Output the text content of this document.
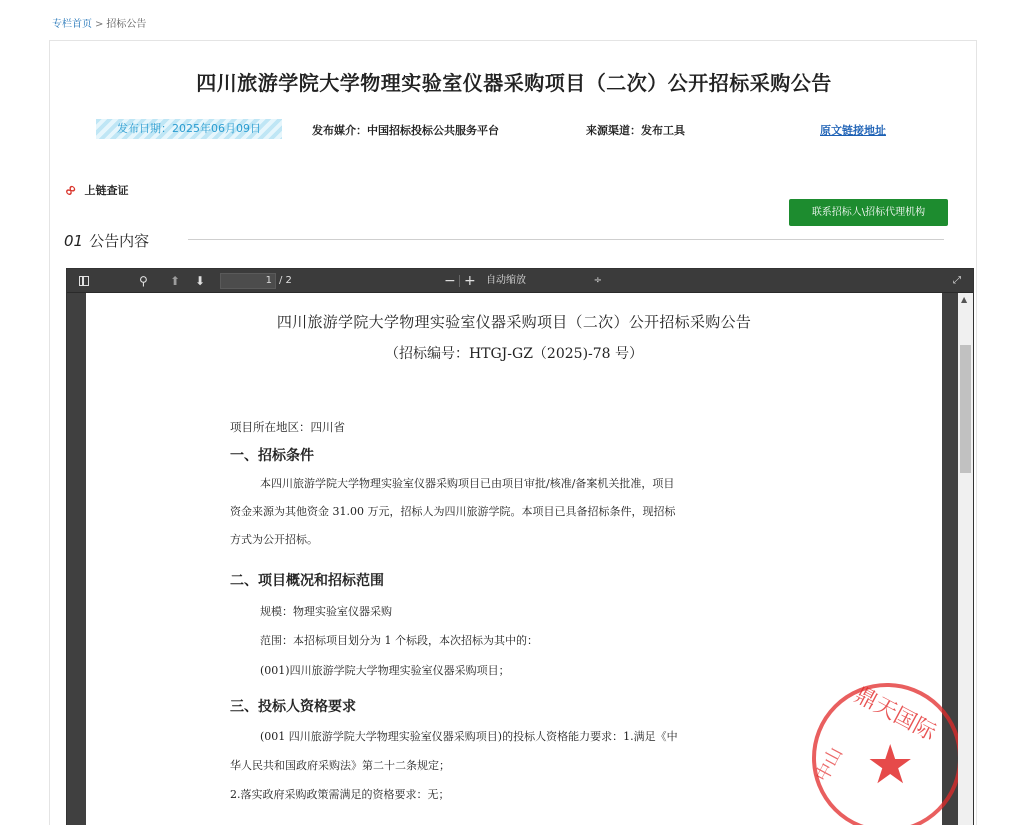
专栏首页 > 招标公告
四川旅游学院大学物理实验室仪器采购项目（二次）公开招标采购公告
发布日期：2025年06月09日	发布媒介：中国招标投标公共服务平台	来源渠道：发布工具	原文链接地址
∞ 上链查证
联系招标人\招标代理机构
01 公告内容
⚲ ⬆ ⬇	1 / 2	− +	自动缩放	÷	⤢
四川旅游学院大学物理实验室仪器采购项目（二次）公开招标采购公告
（招标编号：HTGJ-GZ（2025)-78 号）
项目所在地区：四川省
一、招标条件
本四川旅游学院大学物理实验室仪器采购项目已由项目审批/核准/备案机关批准，项目
资金来源为其他资金 31.00 万元，招标人为四川旅游学院。本项目已具备招标条件，现招标
方式为公开招标。
二、项目概况和招标范围
规模：物理实验室仪器采购
范围：本招标项目划分为 1 个标段，本次招标为其中的：
(001)四川旅游学院大学物理实验室仪器采购项目；
三、投标人资格要求
(001 四川旅游学院大学物理实验室仪器采购项目)的投标人资格能力要求：1.满足《中
华人民共和国政府采购法》第二十二条规定；
2.落实政府采购政策需满足的资格要求：无；
鼎天国际
★
中山
▲
